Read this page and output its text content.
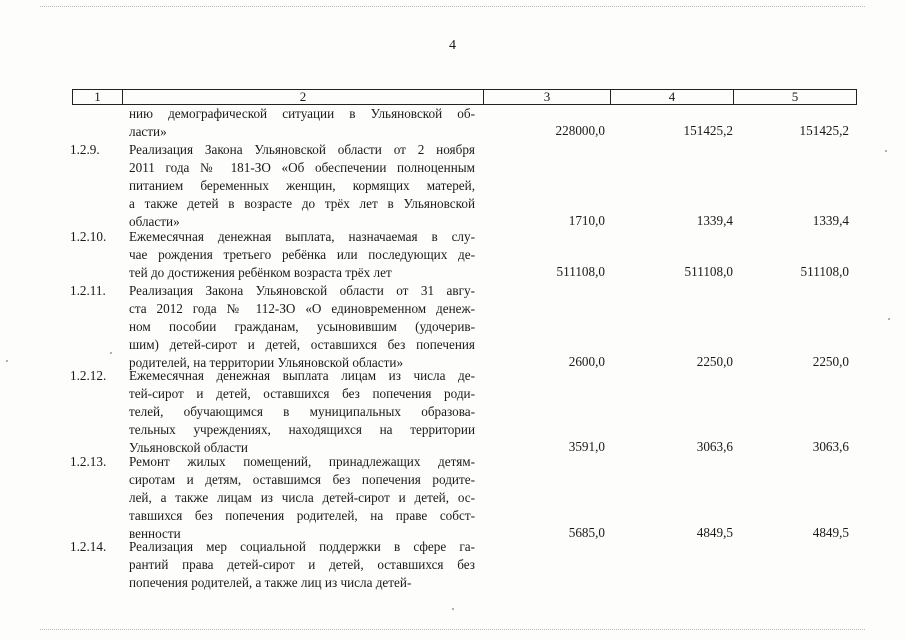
4
1	2	3	4	5
нию демографической ситуации в Ульяновской об-
ласти»	228000,0	151425,2	151425,2
1.2.9.	Реализация Закона Ульяновской области от 2 ноября
2011 года № 181-ЗО «Об обеспечении полноценным
питанием беременных женщин, кормящих матерей,
а также детей в возрасте до трёх лет в Ульяновской
области»	1710,0	1339,4	1339,4
1.2.10.	Ежемесячная денежная выплата, назначаемая в слу-
чае рождения третьего ребёнка или последующих де-
тей до достижения ребёнком возраста трёх лет	511108,0	511108,0	511108,0
1.2.11.	Реализация Закона Ульяновской области от 31 авгу-
ста 2012 года № 112-ЗО «О единовременном денеж-
ном пособии гражданам, усыновившим (удочерив-
шим) детей-сирот и детей, оставшихся без попечения
родителей, на территории Ульяновской области»	2600,0	2250,0	2250,0
1.2.12.	Ежемесячная денежная выплата лицам из числа де-
тей-сирот и детей, оставшихся без попечения роди-
телей, обучающимся в муниципальных образова-
тельных учреждениях, находящихся на территории
Ульяновской области	3591,0	3063,6	3063,6
1.2.13.	Ремонт жилых помещений, принадлежащих детям-
сиротам и детям, оставшимся без попечения родите-
лей, а также лицам из числа детей-сирот и детей, ос-
тавшихся без попечения родителей, на праве собст-
венности	5685,0	4849,5	4849,5
1.2.14.	Реализация мер социальной поддержки в сфере га-
рантий права детей-сирот и детей, оставшихся без
попечения родителей, а также лиц из числа детей-
